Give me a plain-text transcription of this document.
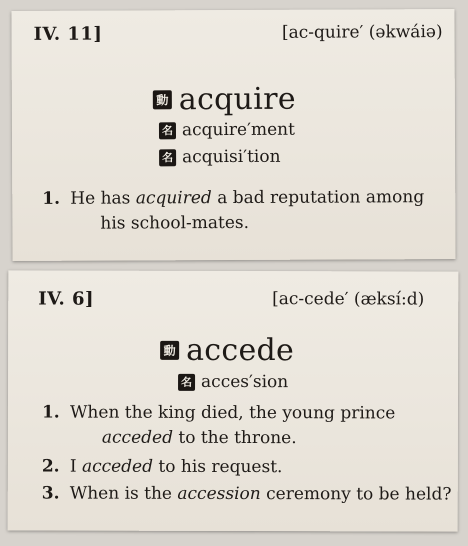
IV. 11]	[ac-quire′ (əkwáiə)
動 acquire
名 acquire′ment
名 acquisi′tion
1. He has acquired a bad reputation among
his school-mates.
IV. 6]	[ac-cede′ (æksí:d)
動 accede
名 acces′sion
1. When the king died, the young prince
acceded to the throne.
2. I acceded to his request.
3. When is the accession ceremony to be held?
